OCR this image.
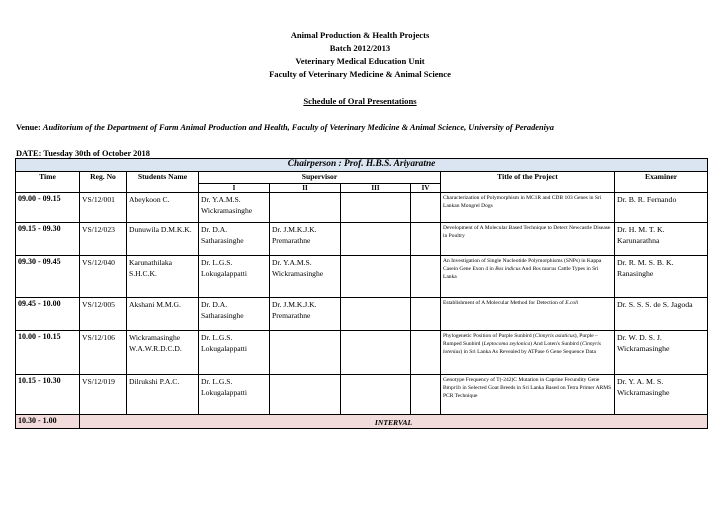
Animal Production & Health Projects
Batch 2012/2013
Veterinary Medical Education Unit
Faculty of Veterinary Medicine & Animal Science
Schedule of Oral Presentations
Venue: Auditorium of the Department of Farm Animal Production and Health, Faculty of Veterinary Medicine & Animal Science, University of Peradeniya
DATE: Tuesday 30th of October 2018
Chairperson : Prof. H.B.S. Ariyaratne								
Time	Reg. No	Students Name	Supervisor				Title of the Project	Examiner
			I	II	III	IV		
09.00 - 09.15	VS/12/001	Abeykoon C.	Dr. Y.A.M.S. Wickramasinghe				Characterization of Polymorphism in MC1R and CDB 103 Genes in Sri Lankan Mongrel Dogs	Dr. B. R. Fernando
09.15 - 09.30	VS/12/023	Dunuwila D.M.K.K.	Dr. D.A. Satharasinghe	Dr. J.M.K.J.K. Premarathne			Development of A Molecular Based Technique to Detect Newcastle Disease in Poultry	Dr. H. M. T. K. Karunarathna
09.30 - 09.45	VS/12/040	Karunathilaka S.H.C.K.	Dr. L.G.S. Lokugalappatti	Dr. Y.A.M.S. Wickramasinghe			An Investigation of Single Nucleotide Polymorphisms (SNPs) in Kappa Casein Gene Exon 4 in Bos indicus And Bos taurus Cattle Types in Sri Lanka	Dr. R. M. S. B. K. Ranasinghe
09.45 - 10.00	VS/12/005	Akshani M.M.G.	Dr. D.A. Satharasinghe	Dr. J.M.K.J.K. Premarathne			Establishment of A Molecular Method for Detection of E.coli	Dr. S. S. S. de S. Jagoda
10.00 - 10.15	VS/12/106	Wickramasinghe W.A.W.R.D.C.D.	Dr. L.G.S. Lokugalappatti				Phylogenetic Position of Purple Sunbird (Cinnyris asiaticus), Purple – Rumped Sunbird (Leptocoma zeylonica) And Loten's Sunbird (Cinnyris lotenius) in Sri Lanka As Revealed by ATPase 6 Gene Sequence Data	Dr. W. D. S. J. Wickramasinghe
10.15 - 10.30	VS/12/019	Dilrukshi P.A.C.	Dr. L.G.S. Lokugalappatti				Genotype Frequency of T(-242)C Mutation in Caprine Fecundity Gene Bmpr1b in Selected Goat Breeds in Sri Lanka Based on Tetra Primer ARMS PCR Technique	Dr. Y. A. M. S. Wickramasinghe
10.30 - 1.00	INTERVAL							
